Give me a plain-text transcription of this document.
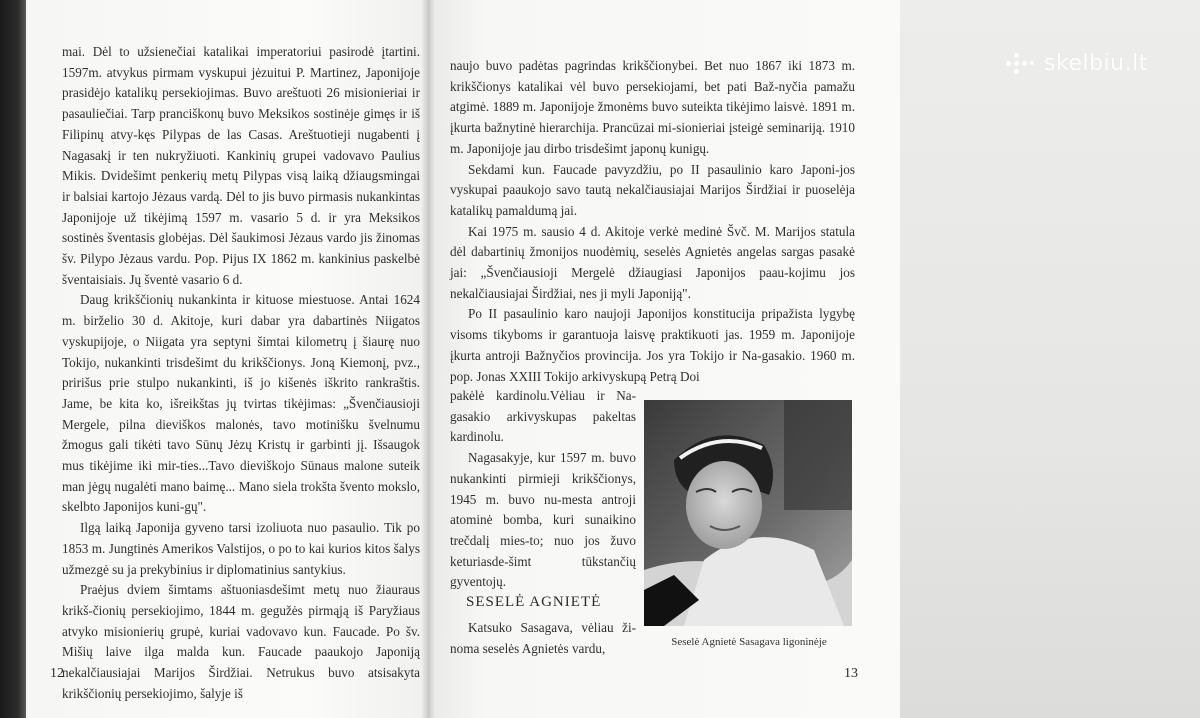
mai. Dėl to užsienečiai katalikai imperatoriui pasirodė įtartini. 1597m. atvykus pirmam vyskupui jėzuitui P. Martinez, Japonijoje prasidėjo katalikų persekiojimas. Buvo areštuoti 26 misionieriai ir pasauliečiai. Tarp pranciškonų buvo Meksikos sostinėje gimęs ir iš Filipinų atvy-kęs Pilypas de las Casas. Areštuotieji nugabenti į Nagasakį ir ten nukryžiuoti. Kankinių grupei vadovavo Paulius Mikis. Dvidešimt penkerių metų Pilypas visą laiką džiaugsmingai ir balsiai kartojo Jėzaus vardą. Dėl to jis buvo pirmasis nukankintas Japonijoje už tikėjimą 1597 m. vasario 5 d. ir yra Meksikos sostinės šventasis globėjas. Dėl šaukimosi Jėzaus vardo jis žinomas šv. Pilypo Jėzaus vardu. Pop. Pijus IX 1862 m. kankinius paskelbė šventaisiais. Jų šventė vasario 6 d.

Daug krikščionių nukankinta ir kituose miestuose. Antai 1624 m. birželio 30 d. Akitoje, kuri dabar yra dabartinės Niigatos vyskupijoje, o Niigata yra septyni šimtai kilometrų į šiaurę nuo Tokijo, nukankinti trisdešimt du krikščionys. Joną Kiemonį, pvz., pririšus prie stulpo nukankinti, iš jo kišenės iškrito rankraštis. Jame, be kita ko, išreikštas jų tvirtas tikėjimas: „Švenčiausioji Mergele, pilna dieviškos malonės, tavo motinišku švelnumu žmogus gali tikėti tavo Sūnų Jėzų Kristų ir garbinti jį. Išsaugok mus tikėjime iki mir-ties...Tavo dieviškojo Sūnaus malone suteik man jėgų nugalėti mano baimę... Mano siela trokšta švento mokslo, skelbto Japonijos kuni-gų".

Ilgą laiką Japonija gyveno tarsi izoliuota nuo pasaulio. Tik po 1853 m. Jungtinės Amerikos Valstijos, o po to kai kurios kitos šalys užmezgė su ja prekybinius ir diplomatinius santykius.

Praėjus dviem šimtams aštuoniasdešimt metų nuo žiauraus krikš-čionių persekiojimo, 1844 m. gegužės pirmąją iš Paryžiaus atvyko misionierių grupė, kuriai vadovavo kun. Faucade. Po šv. Mišių laive ilga malda kun. Faucade paaukojo Japoniją nekalčiausiajai Marijos Širdžiai. Netrukus buvo atsisakyta krikščionių persekiojimo, šalyje iš

12

naujo buvo padėtas pagrindas krikščionybei. Bet nuo 1867 iki 1873 m. krikščionys katalikai vėl buvo persekiojami, bet pati Baž-nyčia pamažu atgimė. 1889 m. Japonijoje žmonėms buvo suteikta tikėjimo laisvė. 1891 m. įkurta bažnytinė hierarchija. Prancūzai mi-sionieriai įsteigė seminariją. 1910 m. Japonijoje jau dirbo trisdešimt japonų kunigų.

Sekdami kun. Faucade pavyzdžiu, po II pasaulinio karo Japoni-jos vyskupai paaukojo savo tautą nekalčiausiajai Marijos Širdžiai ir puoselėja katalikų pamaldumą jai.

Kai 1975 m. sausio 4 d. Akitoje verkė medinė Švč. M. Marijos statula dėl dabartinių žmonijos nuodėmių, seselės Agnietės angelas sargas pasakė jai: „Švenčiausioji Mergelė džiaugiasi Japonijos paau-kojimu jos nekalčiausiajai Širdžiai, nes ji myli Japoniją".

Po II pasaulinio karo naujoji Japonijos konstitucija pripažista lygybę visoms tikyboms ir garantuoja laisvę praktikuoti jas. 1959 m. Japonijoje įkurta antroji Bažnyčios provincija. Jos yra Tokijo ir Na-gasakio. 1960 m. pop. Jonas XXIII Tokijo arkivyskupą Petrą Doi

pakėlė kardinolu.Vėliau ir Na-gasakio arkivyskupas pakeltas kardinolu.

Nagasakyje, kur 1597 m. buvo nukankinti pirmieji krikščionys, 1945 m. buvo nu-mesta antroji atominė bomba, kuri sunaikino trečdalį mies-to; nuo jos žuvo keturiasde-šimt tūkstančių gyventojų.

SESELĖ AGNIETĖ

Katsuko Sasagava, vėliau ži-noma seselės Agnietės vardu,	Seselė Agnietė Sasagava ligoninėje
13
skelbiu.lt
